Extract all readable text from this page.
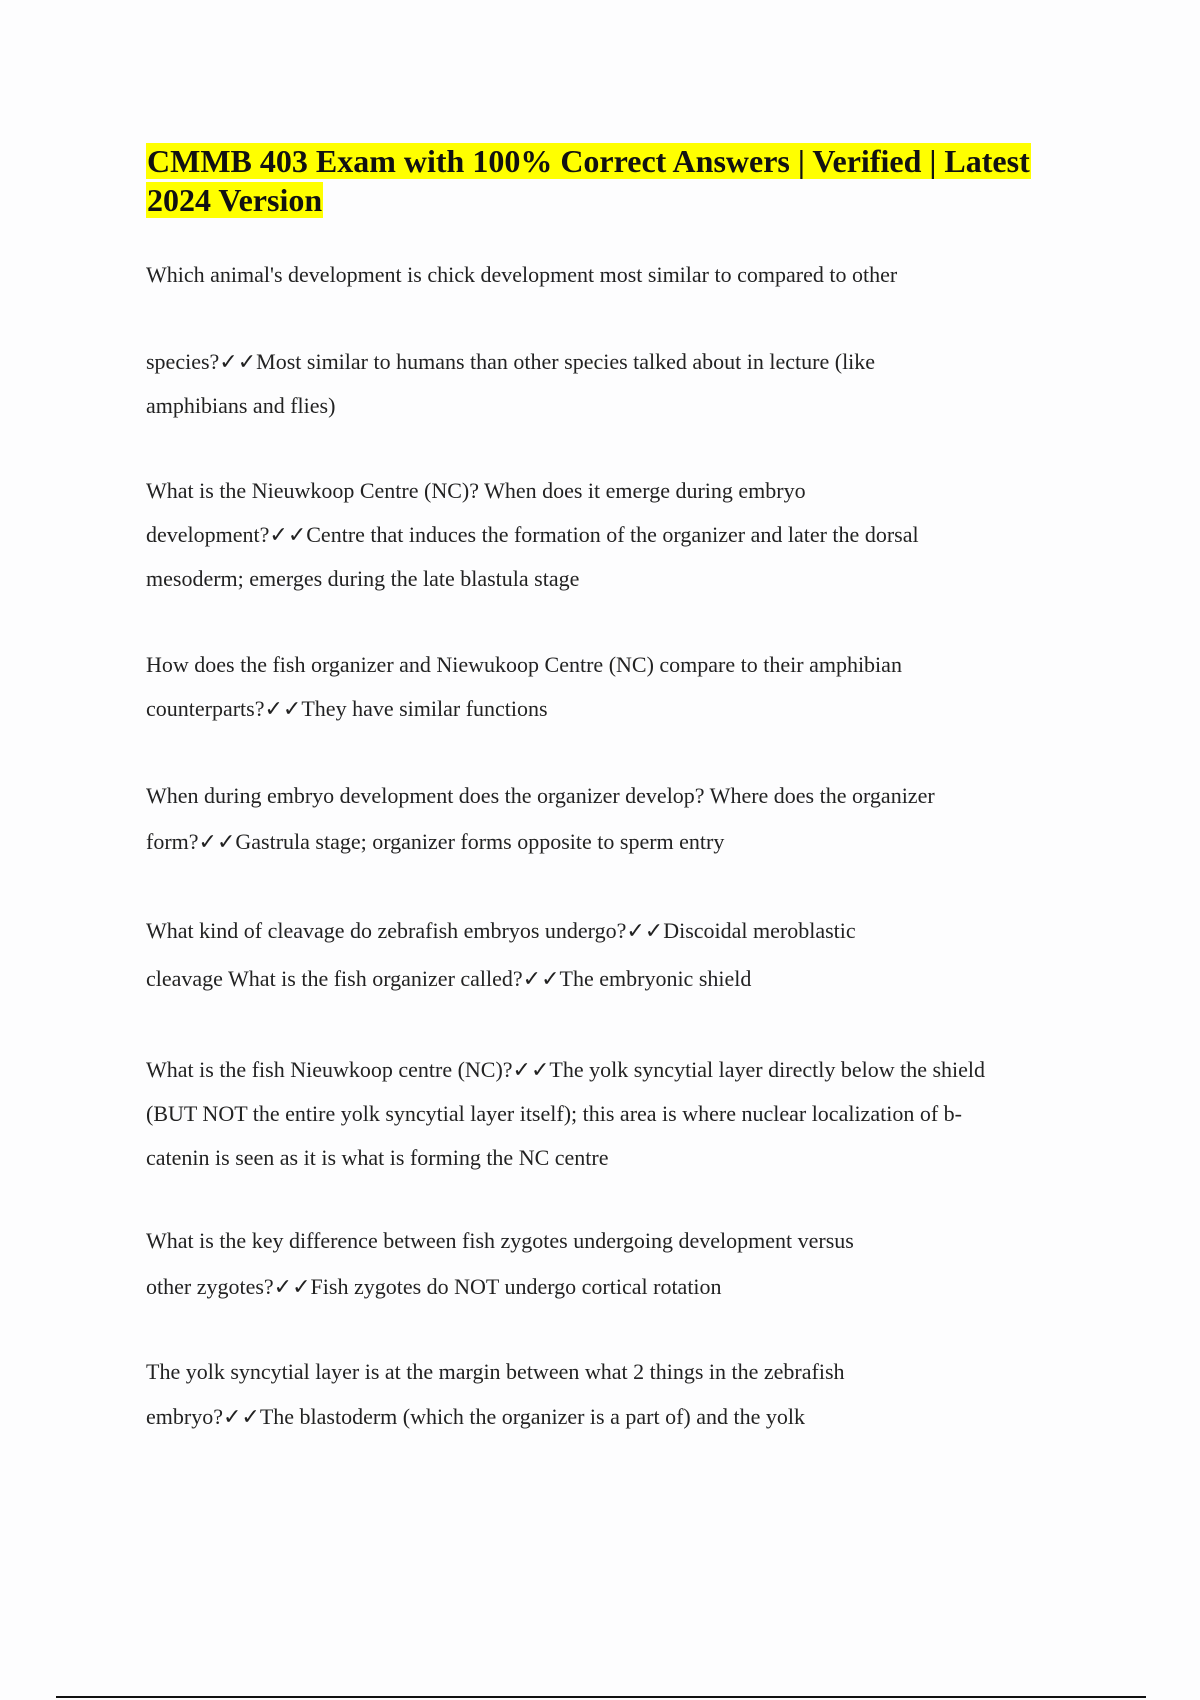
CMMB 403 Exam with 100% Correct Answers | Verified | Latest
2024 Version
Which animal's development is chick development most similar to compared to other
species?✓✓Most similar to humans than other species talked about in lecture (like
amphibians and flies)
What is the Nieuwkoop Centre (NC)? When does it emerge during embryo
development?✓✓Centre that induces the formation of the organizer and later the dorsal
mesoderm; emerges during the late blastula stage
How does the fish organizer and Niewukoop Centre (NC) compare to their amphibian
counterparts?✓✓They have similar functions
When during embryo development does the organizer develop? Where does the organizer
form?✓✓Gastrula stage; organizer forms opposite to sperm entry
What kind of cleavage do zebrafish embryos undergo?✓✓Discoidal meroblastic
cleavage What is the fish organizer called?✓✓The embryonic shield
What is the fish Nieuwkoop centre (NC)?✓✓The yolk syncytial layer directly below the shield
(BUT NOT the entire yolk syncytial layer itself); this area is where nuclear localization of b-
catenin is seen as it is what is forming the NC centre
What is the key difference between fish zygotes undergoing development versus
other zygotes?✓✓Fish zygotes do NOT undergo cortical rotation
The yolk syncytial layer is at the margin between what 2 things in the zebrafish
embryo?✓✓The blastoderm (which the organizer is a part of) and the yolk
